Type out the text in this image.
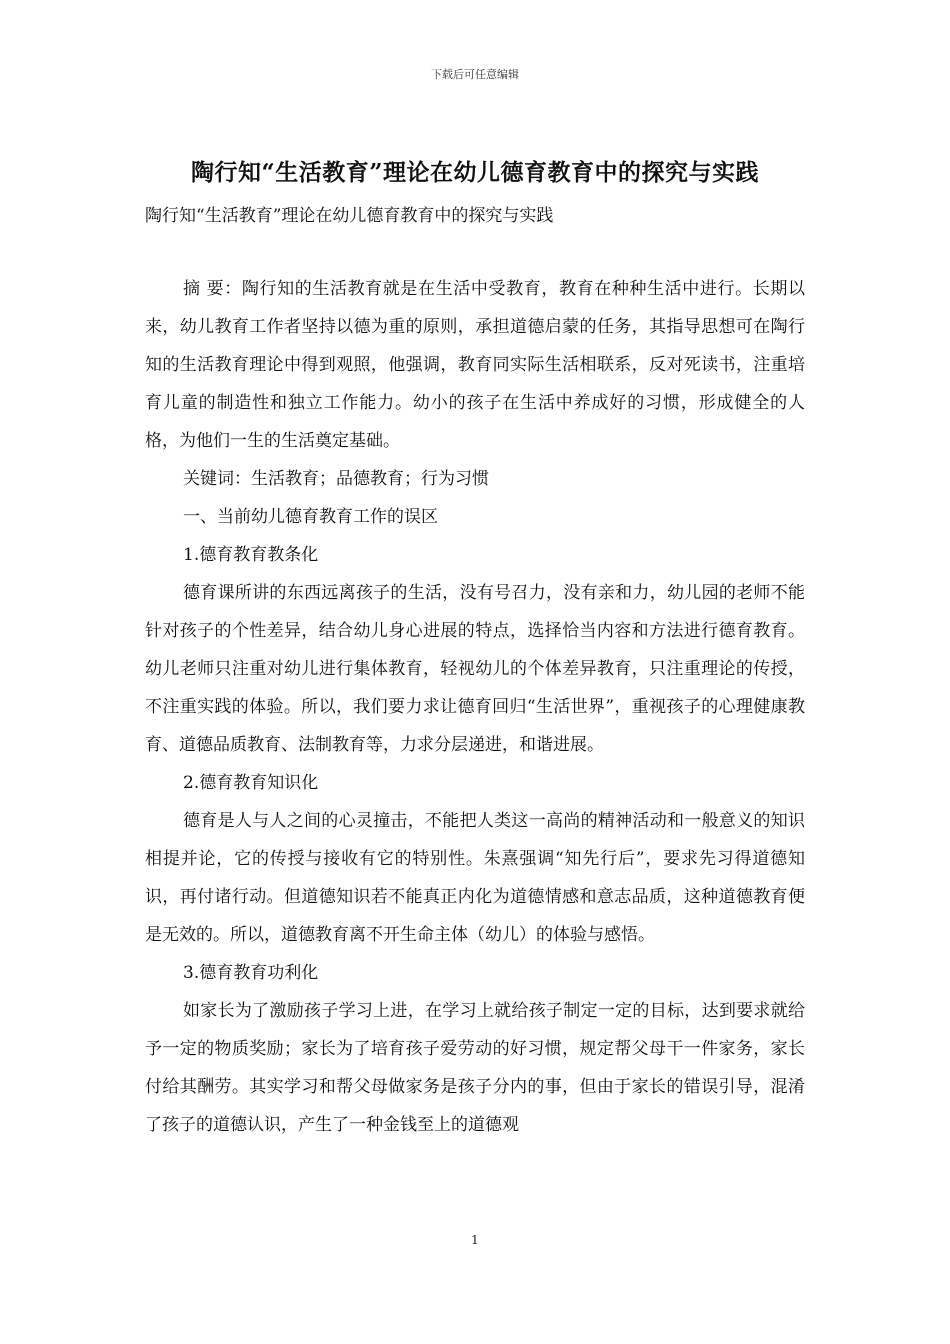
下载后可任意编辑
陶行知“生活教育”理论在幼儿德育教育中的探究与实践
陶行知“生活教育”理论在幼儿德育教育中的探究与实践

摘 要：陶行知的生活教育就是在生活中受教育，教育在种种生活中进行。长期以来，幼儿教育工作者坚持以德为重的原则，承担道德启蒙的任务，其指导思想可在陶行知的生活教育理论中得到观照，他强调，教育同实际生活相联系，反对死读书，注重培育儿童的制造性和独立工作能力。幼小的孩子在生活中养成好的习惯，形成健全的人格，为他们一生的生活奠定基础。

关键词：生活教育；品德教育；行为习惯

一、当前幼儿德育教育工作的误区

1.德育教育教条化

德育课所讲的东西远离孩子的生活，没有号召力，没有亲和力，幼儿园的老师不能针对孩子的个性差异，结合幼儿身心进展的特点，选择恰当内容和方法进行德育教育。幼儿老师只注重对幼儿进行集体教育，轻视幼儿的个体差异教育，只注重理论的传授，不注重实践的体验。所以，我们要力求让德育回归“生活世界”，重视孩子的心理健康教育、道德品质教育、法制教育等，力求分层递进，和谐进展。

2.德育教育知识化

德育是人与人之间的心灵撞击，不能把人类这一高尚的精神活动和一般意义的知识相提并论，它的传授与接收有它的特别性。朱熹强调“知先行后”，要求先习得道德知识，再付诸行动。但道德知识若不能真正内化为道德情感和意志品质，这种道德教育便是无效的。所以，道德教育离不开生命主体（幼儿）的体验与感悟。

3.德育教育功利化

如家长为了激励孩子学习上进，在学习上就给孩子制定一定的目标，达到要求就给予一定的物质奖励；家长为了培育孩子爱劳动的好习惯，规定帮父母干一件家务，家长付给其酬劳。其实学习和帮父母做家务是孩子分内的事，但由于家长的错误引导，混淆了孩子的道德认识，产生了一种金钱至上的道德观

1
